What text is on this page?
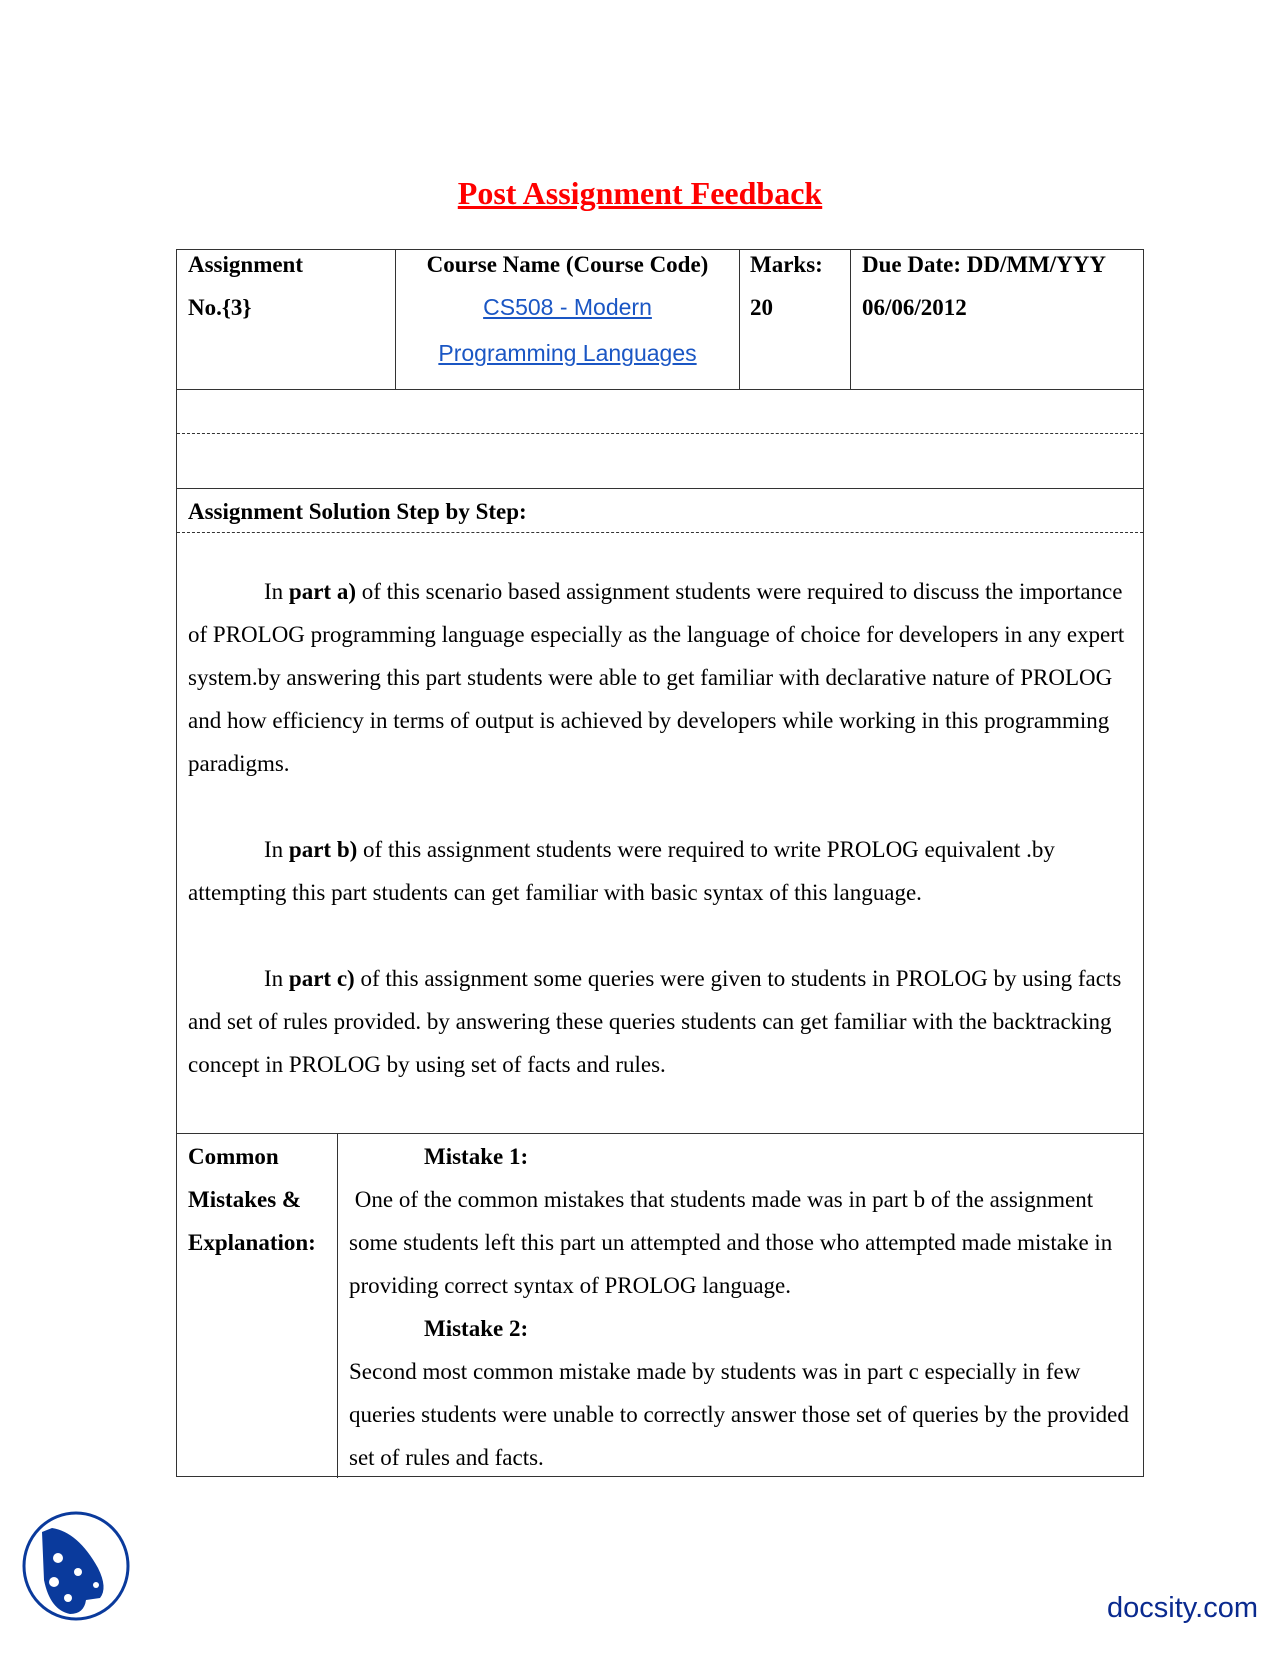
Post Assignment Feedback
Assignment
No.{3}
Course Name (Course Code)
CS508 - Modern
Programming Languages
Marks:
20
Due Date: DD/MM/YYY
06/06/2012
Assignment Solution Step by Step:
In part a) of this scenario based assignment students were required to discuss the importance of PROLOG programming language especially as the language of choice for developers in any expert system.by answering this part students were able to get familiar with declarative nature of PROLOG and how efficiency in terms of output is achieved by developers while working in this programming paradigms.
In part b) of this assignment students were required to write PROLOG equivalent .by attempting this part students can get familiar with basic syntax of this language.
In part c) of this assignment some queries were given to students in PROLOG by using facts and set of rules provided. by answering these queries students can get familiar with the backtracking concept in PROLOG by using set of facts and rules.
Common
Mistakes &
Explanation:
Mistake 1:
One of the common mistakes that students made was in part b of the assignment some students left this part un attempted and those who attempted made mistake in providing correct syntax of PROLOG language.
Mistake 2:
Second most common mistake made by students was in part c especially in few queries students were unable to correctly answer those set of queries by the provided set of rules and facts.
docsity.com
